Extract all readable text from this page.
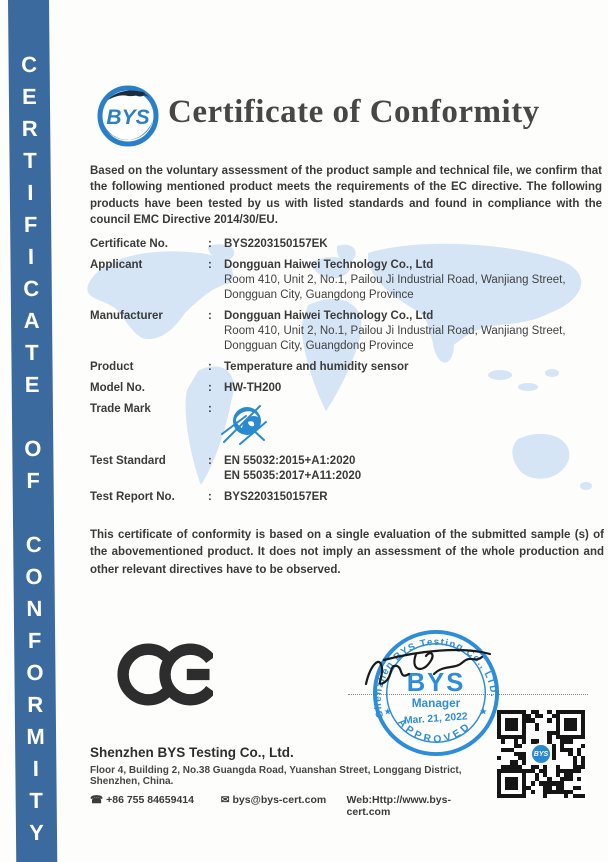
CERTIFICATE OF CONFORMITY	BYS Certificate of Conformity
Based on the voluntary assessment of the product sample and technical file, we confirm that the following mentioned product meets the requirements of the EC directive. The following products have been tested by us with listed standards and found in compliance with the council EMC Directive 2014/30/EU.
Certificate No.	:	BYS2203150157EK
Applicant	:	Dongguan Haiwei Technology Co., Ltd
Room 410, Unit 2, No.1, Pailou Ji Industrial Road, Wanjiang Street,
Dongguan City, Guangdong Province
Manufacturer	:	Dongguan Haiwei Technology Co., Ltd
Room 410, Unit 2, No.1, Pailou Ji Industrial Road, Wanjiang Street,
Dongguan City, Guangdong Province
Product	:	Temperature and humidity sensor
Model No.	:	HW-TH200
Trade Mark	:
Test Standard	:	EN 55032:2015+A1:2020
EN 55035:2017+A11:2020
Test Report No.	:	BYS2203150157ER
This certificate of conformity is based on a single evaluation of the submitted sample (s) of the abovementioned product. It does not imply an assessment of the whole production and other relevant directives have to be observed.
Shenzhen BYS Testing Co., LTD.
APPROVED
★	★
BYS
Manager
Mar. 21, 2022
BYS
Shenzhen BYS Testing Co., Ltd.
Floor 4, Building 2, No.38 Guangda Road, Yuanshan Street, Longgang District, Shenzhen, China.
☎ +86 755 84659414	✉ bys@bys-cert.com	Web:Http://www.bys-cert.com
